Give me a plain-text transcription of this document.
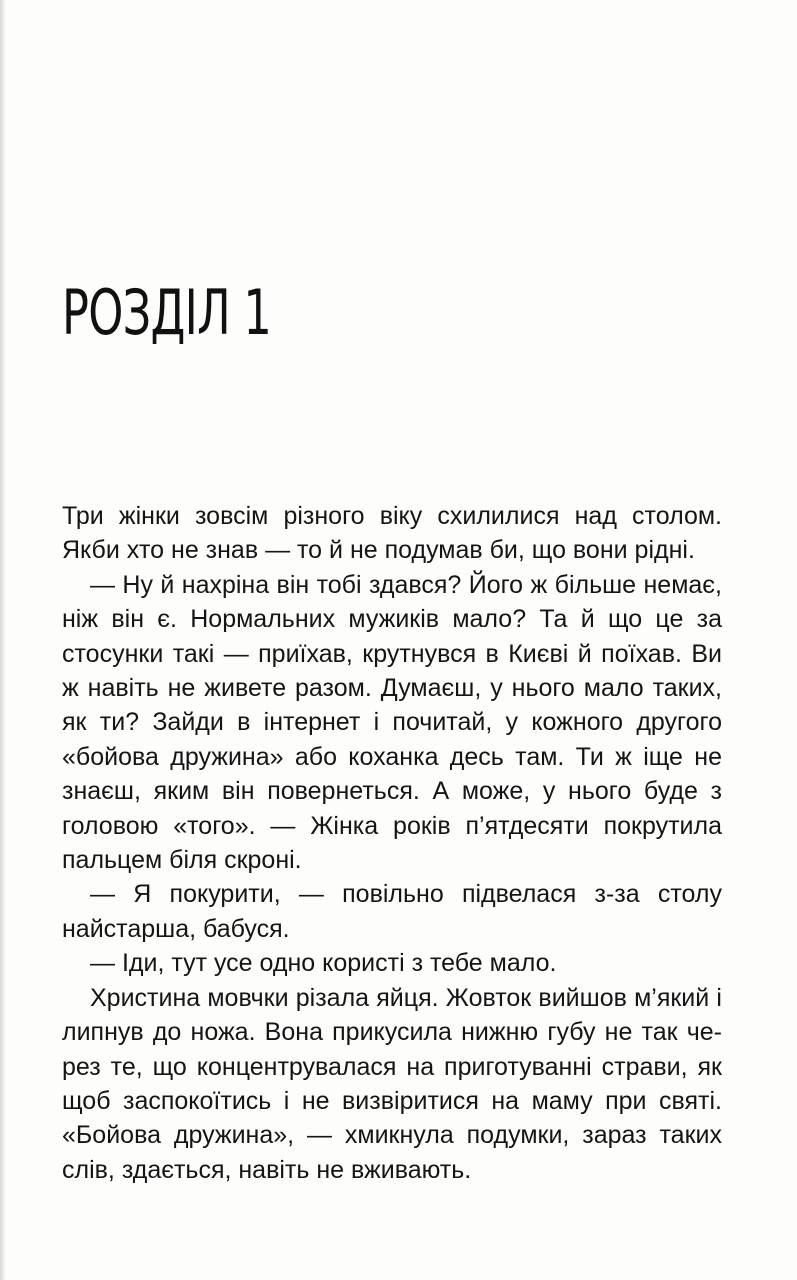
РОЗДІЛ 1

Три жінки зовсім різного віку схилилися над столом. Якби хто не знав — то й не подумав би, що вони рідні.

— Ну й нахріна він тобі здався? Його ж більше немає, ніж він є. Нормальних мужиків мало? Та й що це за стосунки такі — приїхав, крутнувся в Києві й поїхав. Ви ж навіть не живете разом. Думаєш, у нього мало таких, як ти? Зайди в інтернет і почитай, у кожного другого «бойова дружина» або коханка десь там. Ти ж іще не знаєш, яким він повернеться. А може, у нього буде з головою «того». — Жінка років п’ятдесяти покрутила пальцем біля скроні.

— Я покурити, — повільно підвелася з-за столу найстарша, бабуся.

— Іди, тут усе одно користі з тебе мало.

Христина мовчки різала яйця. Жовток вийшов м’який і липнув до ножа. Вона прикусила нижню губу не так через те, що концентрувалася на приготуванні страви, як щоб заспокоїтись і не визвіритися на маму при святі. «Бойова дружина», — хмикнула подумки, зараз таких слів, здається, навіть не вживають.
